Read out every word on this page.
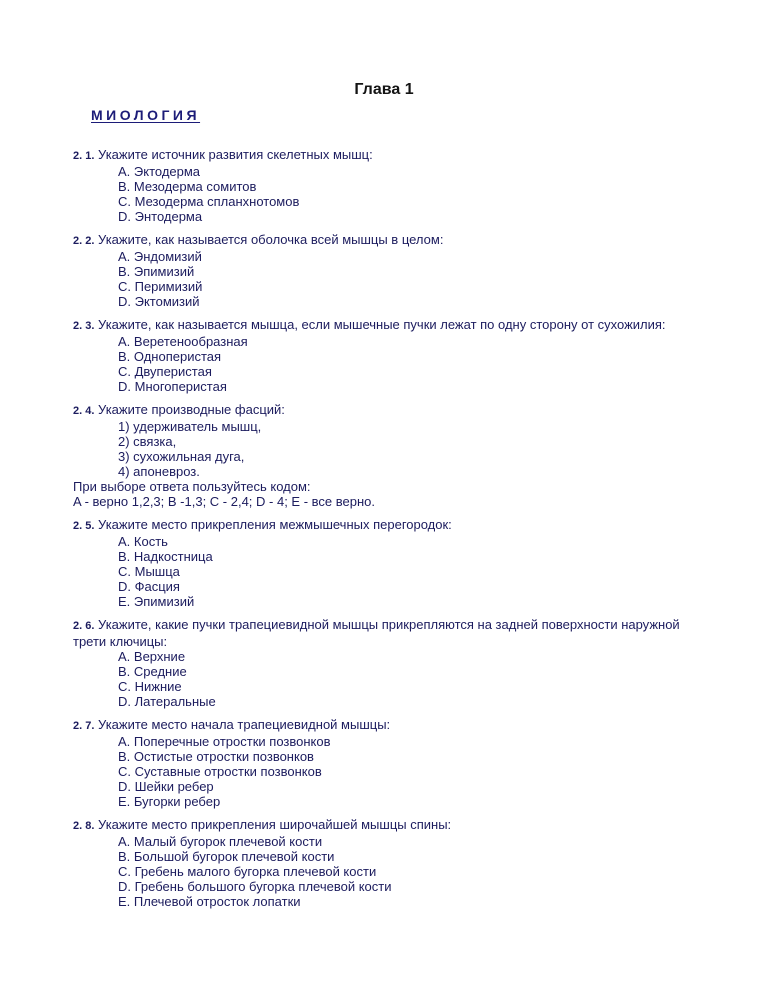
Глава 1
МИОЛОГИЯ
2. 1. Укажите источник развития скелетных мышц:
A. Эктодерма
B. Мезодерма сомитов
C. Мезодерма спланхнотомов
D. Энтодерма
2. 2. Укажите, как называется оболочка всей мышцы в целом:
A. Эндомизий
B. Эпимизий
C. Перимизий
D. Эктомизий
2. 3. Укажите, как называется мышца, если мышечные пучки лежат по одну сторону от сухожилия:
A. Веретенообразная
B. Одноперистая
C. Двуперистая
D. Многоперистая
2. 4. Укажите производные фасций:
1) удерживатель мышц,
2) связка,
3) сухожильная дуга,
4) апоневроз.

При выборе ответа пользуйтесь кодом:

A - верно 1,2,3; B -1,3; C - 2,4; D - 4; E - все верно.

2. 5. Укажите место прикрепления межмышечных перегородок:
A. Кость
B. Надкостница
C. Мышца
D. Фасция
E. Эпимизий
2. 6. Укажите, какие пучки трапециевидной мышцы прикрепляются на задней поверхности наружной трети ключицы:
A. Верхние
B. Средние
C. Нижние
D. Латеральные
2. 7. Укажите место начала трапециевидной мышцы:
A. Поперечные отростки позвонков
B. Остистые отростки позвонков
C. Суставные отростки позвонков
D. Шейки ребер
E. Бугорки ребер
2. 8. Укажите место прикрепления широчайшей мышцы спины:
A. Малый бугорок плечевой кости
B. Большой бугорок плечевой кости
C. Гребень малого бугорка плечевой кости
D. Гребень большого бугорка плечевой кости
E. Плечевой отросток лопатки
